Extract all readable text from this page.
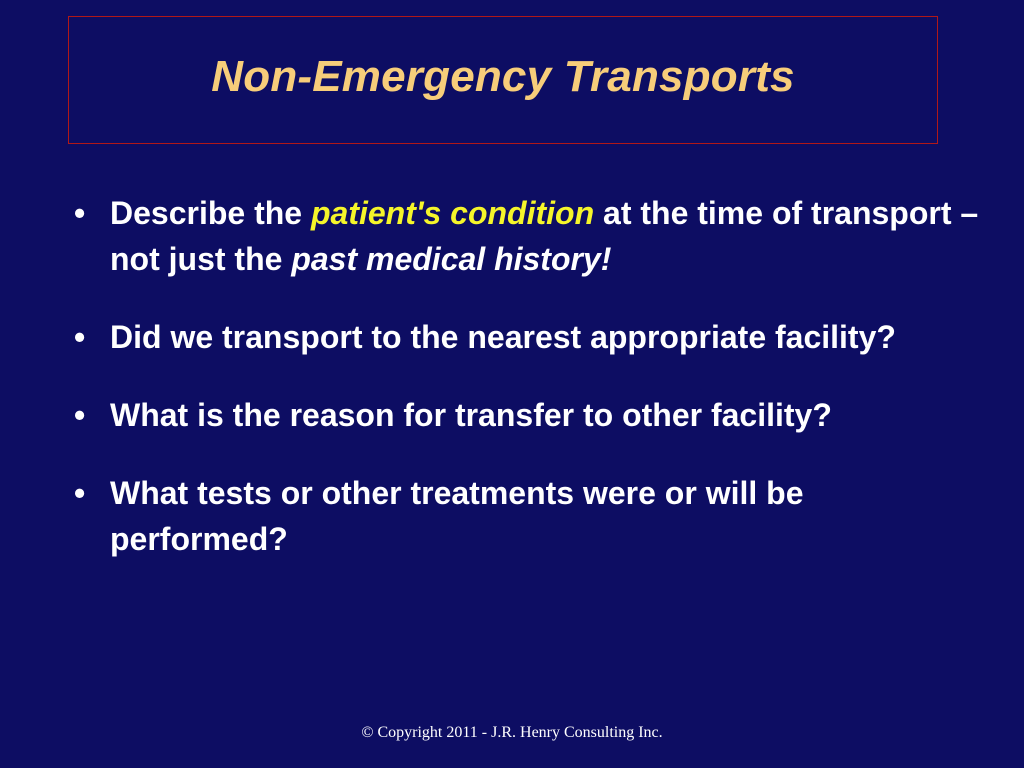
Non-Emergency Transports
• Describe the patient's condition at the time of transport – not just the past medical history!
• Did we transport to the nearest appropriate facility?
• What is the reason for transfer to other facility?
• What tests or other treatments were or will be performed?
© Copyright 2011 - J.R. Henry Consulting Inc.
